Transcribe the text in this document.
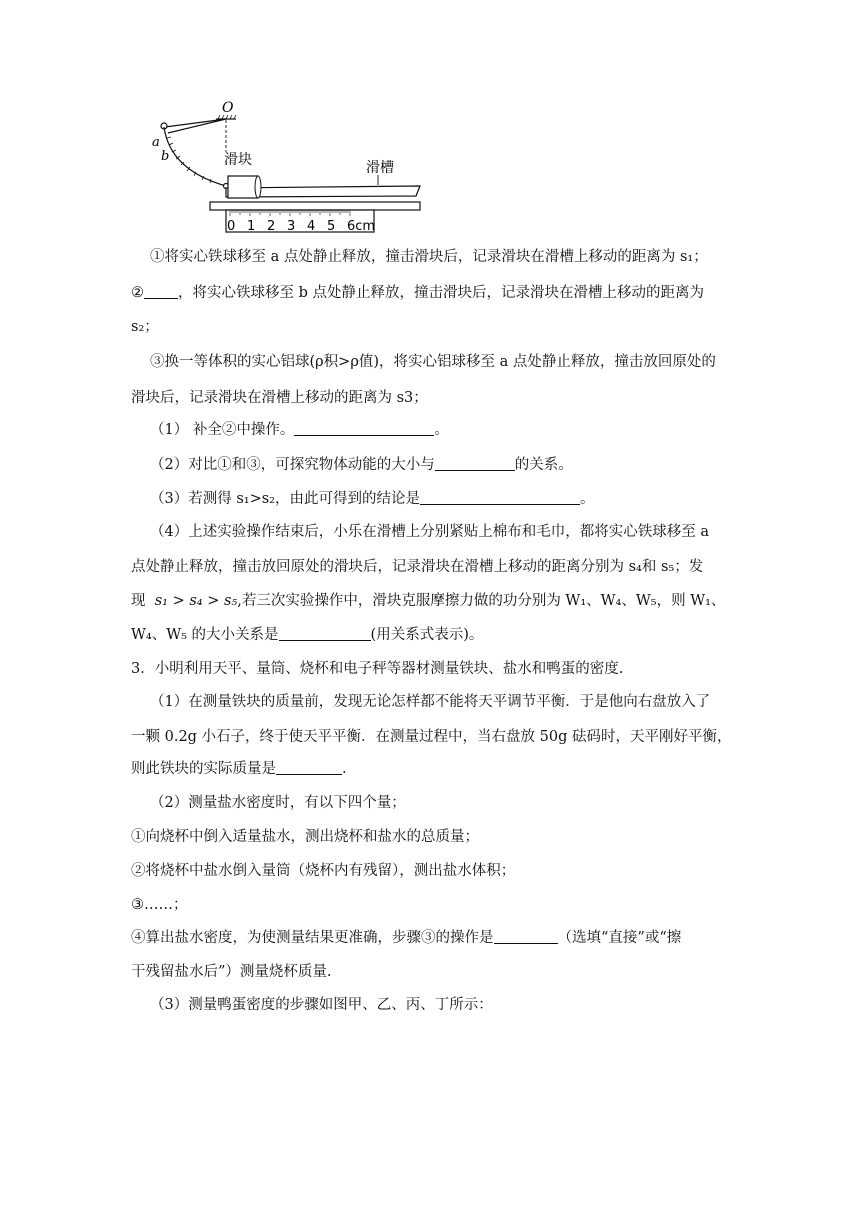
O
a
b	滑块	滑槽
0 1 2 3 4 5 6cm
①将实心铁球移至 a 点处静止释放，撞击滑块后，记录滑块在滑槽上移动的距离为 s₁；
② ，将实心铁球移至 b 点处静止释放，撞击滑块后，记录滑块在滑槽上移动的距离为
s₂；
③换一等体积的实心铝球(ρ积>ρ值)，将实心铝球移至 a 点处静止释放，撞击放回原处的
滑块后，记录滑块在滑槽上移动的距离为 s3；
（1） 补全②中操作。	。
（2）对比①和③，可探究物体动能的大小与	的关系。
（3）若测得 s₁>s₂，由此可得到的结论是	。
（4）上述实验操作结束后，小乐在滑槽上分别紧贴上棉布和毛巾，都将实心铁球移至 a
点处静止释放，撞击放回原处的滑块后，记录滑块在滑槽上移动的距离分别为 s₄和 s₅；发
现 s₁ > s₄ > s₅,若三次实验操作中，滑块克服摩擦力做的功分别为 W₁、W₄、W₅，则 W₁、
W₄、W₅ 的大小关系是	(用关系式表示)。
3．小明利用天平、量筒、烧杯和电子秤等器材测量铁块、盐水和鸭蛋的密度.
（1）在测量铁块的质量前，发现无论怎样都不能将天平调节平衡．于是他向右盘放入了
一颗 0.2g 小石子，终于使天平平衡．在测量过程中，当右盘放 50g 砝码时，天平刚好平衡，
则此铁块的实际质量是	.
（2）测量盐水密度时，有以下四个量；
①向烧杯中倒入适量盐水，测出烧杯和盐水的总质量；
②将烧杯中盐水倒入量筒（烧杯内有残留），测出盐水体积；
③……；
④算出盐水密度，为使测量结果更准确，步骤③的操作是	（选填“直接”或“擦
干残留盐水后”）测量烧杯质量.
（3）测量鸭蛋密度的步骤如图甲、乙、丙、丁所示：
